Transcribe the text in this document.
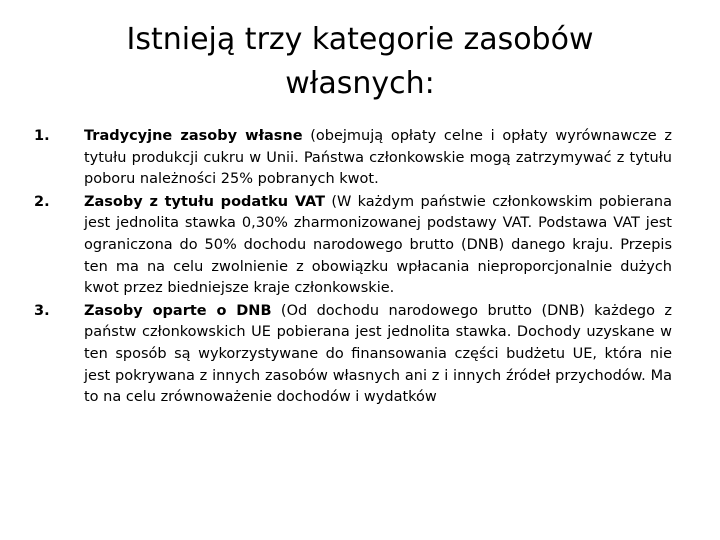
Istnieją trzy kategorie zasobów
własnych:
1.	Tradycyjne zasoby własne (obejmują opłaty celne i opłaty wyrównawcze z tytułu produkcji cukru w Unii. Państwa członkowskie mogą zatrzymywać z tytułu poboru należności 25% pobranych kwot.
2.	Zasoby z tytułu podatku VAT (W każdym państwie członkowskim pobierana jest jednolita stawka 0,30% zharmonizowanej podstawy VAT. Podstawa VAT jest ograniczona do 50% dochodu narodowego brutto (DNB) danego kraju. Przepis ten ma na celu zwolnienie z obowiązku wpłacania nieproporcjonalnie dużych kwot przez biedniejsze kraje członkowskie.
3.	Zasoby oparte o DNB (Od dochodu narodowego brutto (DNB) każdego z państw członkowskich UE pobierana jest jednolita stawka. Dochody uzyskane w ten sposób są wykorzystywane do finansowania części budżetu UE, która nie jest pokrywana z innych zasobów własnych ani z i innych źródeł przychodów. Ma to na celu zrównoważenie dochodów i wydatków
